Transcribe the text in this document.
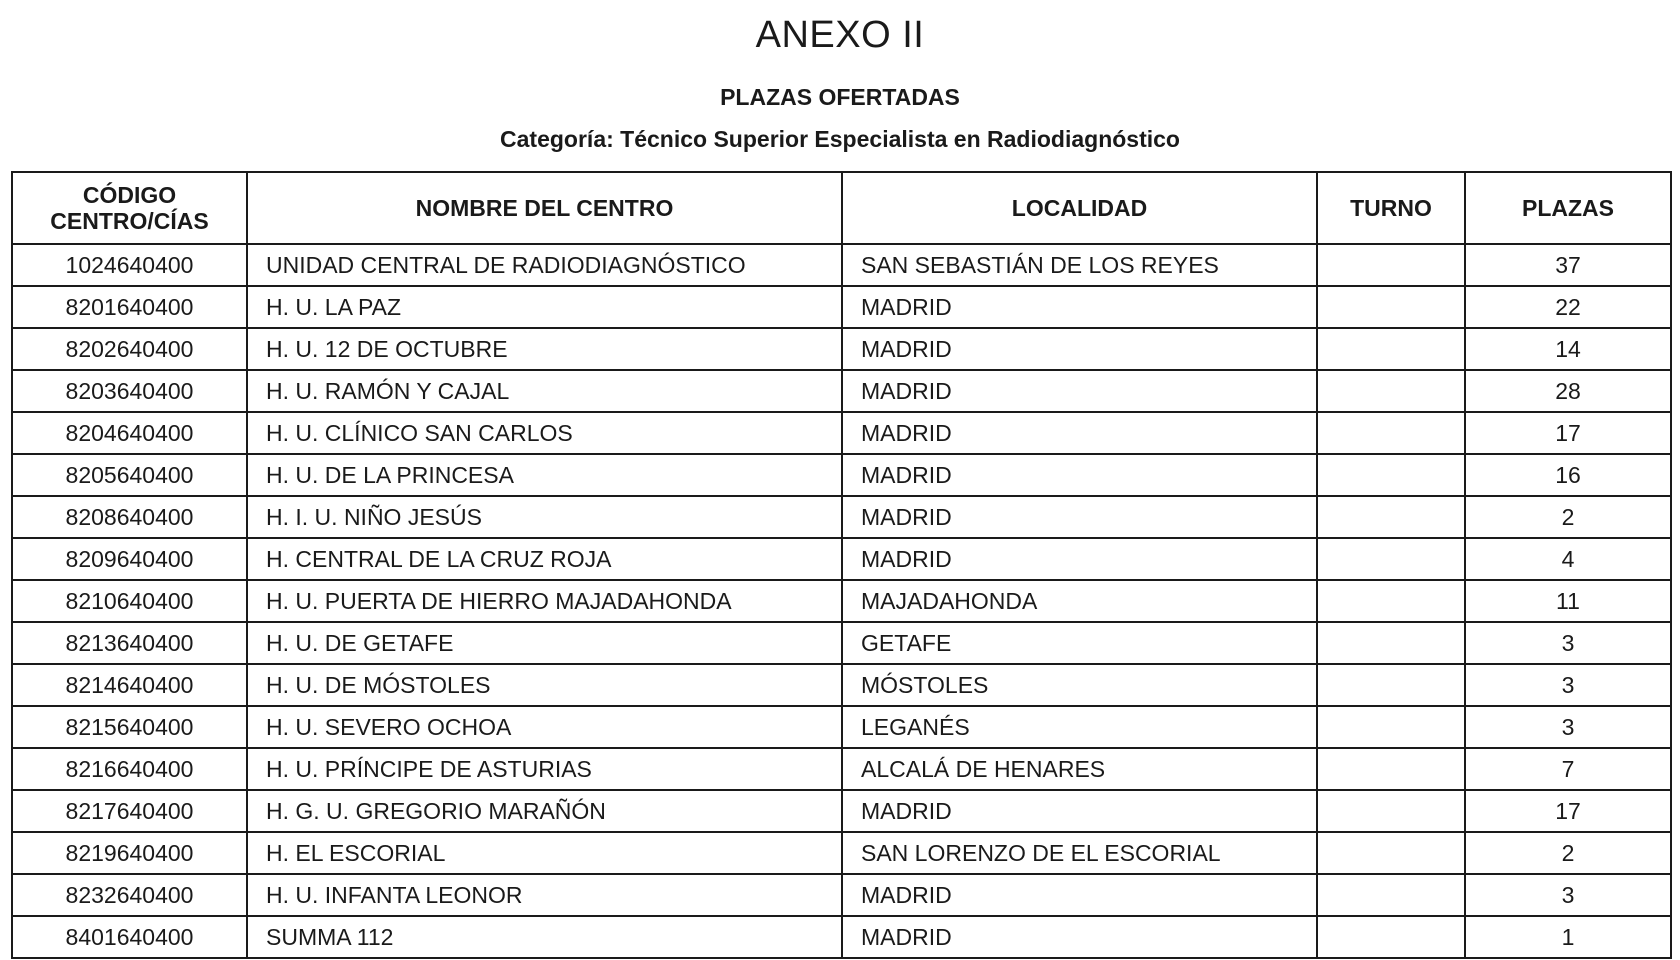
ANEXO II
PLAZAS OFERTADAS
Categoría: Técnico Superior Especialista en Radiodiagnóstico
CÓDIGO
CENTRO/CÍAS	NOMBRE DEL CENTRO	LOCALIDAD	TURNO	PLAZAS
1024640400	UNIDAD CENTRAL DE RADIODIAGNÓSTICO	SAN SEBASTIÁN DE LOS REYES		37
8201640400	H. U. LA PAZ	MADRID		22
8202640400	H. U. 12 DE OCTUBRE	MADRID		14
8203640400	H. U. RAMÓN Y CAJAL	MADRID		28
8204640400	H. U. CLÍNICO SAN CARLOS	MADRID		17
8205640400	H. U. DE LA PRINCESA	MADRID		16
8208640400	H. I. U. NIÑO JESÚS	MADRID		2
8209640400	H. CENTRAL DE LA CRUZ ROJA	MADRID		4
8210640400	H. U. PUERTA DE HIERRO MAJADAHONDA	MAJADAHONDA		11
8213640400	H. U. DE GETAFE	GETAFE		3
8214640400	H. U. DE MÓSTOLES	MÓSTOLES		3
8215640400	H. U. SEVERO OCHOA	LEGANÉS		3
8216640400	H. U. PRÍNCIPE DE ASTURIAS	ALCALÁ DE HENARES		7
8217640400	H. G. U. GREGORIO MARAÑÓN	MADRID		17
8219640400	H. EL ESCORIAL	SAN LORENZO DE EL ESCORIAL		2
8232640400	H. U. INFANTA LEONOR	MADRID		3
8401640400	SUMMA 112	MADRID		1
